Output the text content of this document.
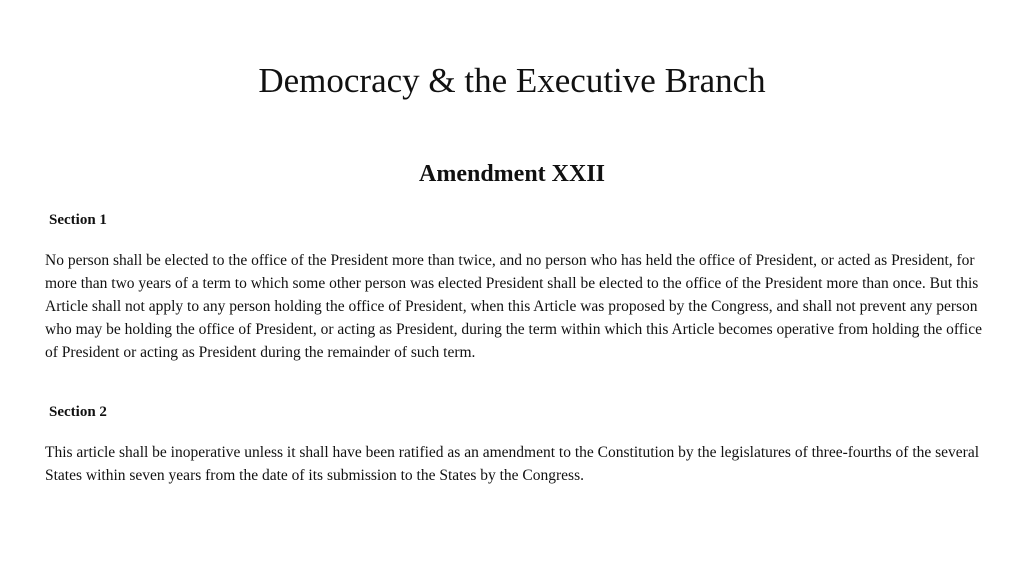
Democracy & the Executive Branch
Amendment XXII
Section 1

No person shall be elected to the office of the President more than twice, and no person who has held the office of President, or acted as President, for more than two years of a term to which some other person was elected President shall be elected to the office of the President more than once. But this Article shall not apply to any person holding the office of President, when this Article was proposed by the Congress, and shall not prevent any person who may be holding the office of President, or acting as President, during the term within which this Article becomes operative from holding the office of President or acting as President during the remainder of such term.

Section 2

This article shall be inoperative unless it shall have been ratified as an amendment to the Constitution by the legislatures of three-fourths of the several States within seven years from the date of its submission to the States by the Congress.
